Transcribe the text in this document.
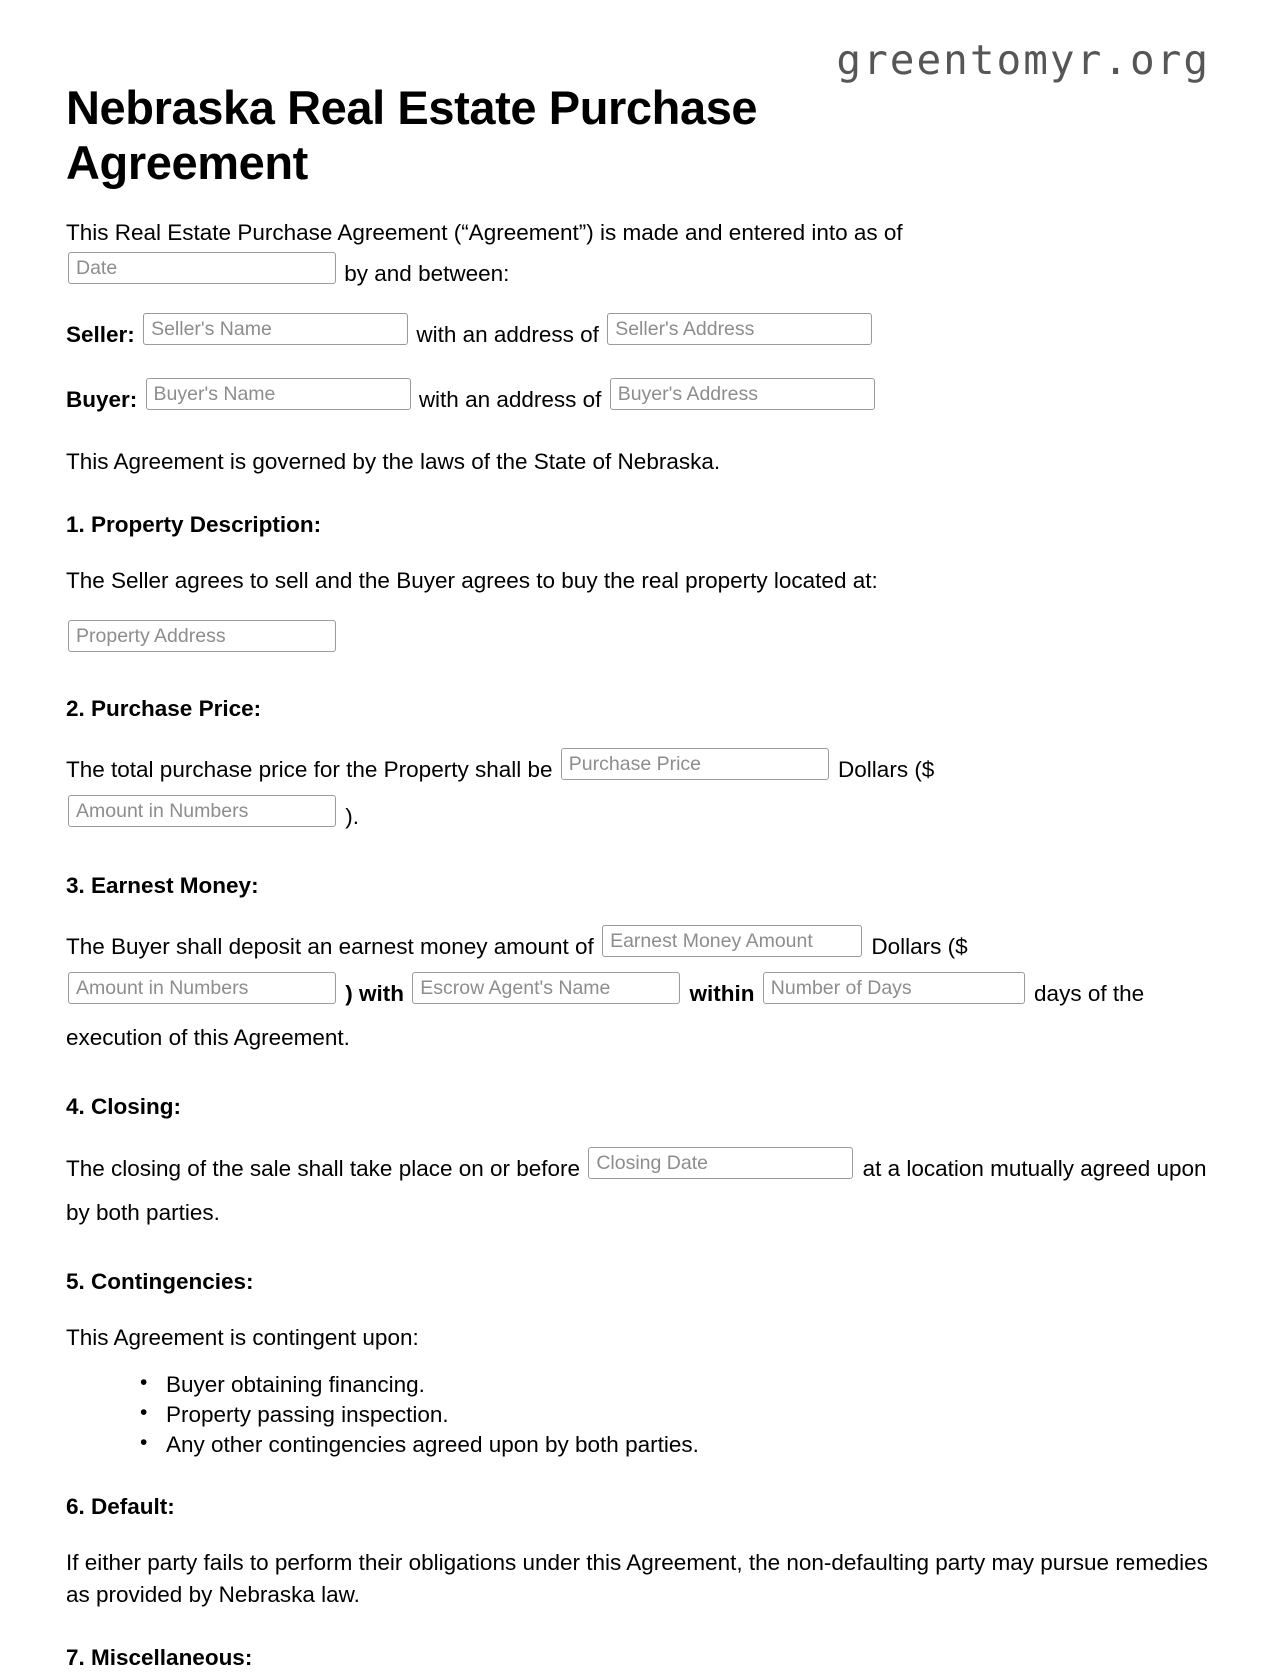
greentomyr.org
Nebraska Real Estate Purchase Agreement

This Real Estate Purchase Agreement (“Agreement”) is made and entered into as of
Date	by and between:

Seller: Seller's Name	with an address of Seller's Address
Buyer: Buyer's Name	with an address of Buyer's Address

This Agreement is governed by the laws of the State of Nebraska.

1. Property Description:

The Seller agrees to sell and the Buyer agrees to buy the real property located at:

Property Address
2. Purchase Price:
The total purchase price for the Property shall be Purchase Price	Dollars ($
Amount in Numbers	).
3. Earnest Money:
The Buyer shall deposit an earnest money amount of Earnest Money Amount	Dollars ($
Amount in Numbers	) with Escrow Agent's Name	within Number of Days	days of the execution of this Agreement.
4. Closing:
The closing of the sale shall take place on or before Closing Date	at a location mutually agreed upon by both parties.
5. Contingencies:

This Agreement is contingent upon:

• Buyer obtaining financing.
• Property passing inspection.
• Any other contingencies agreed upon by both parties.
6. Default:

If either party fails to perform their obligations under this Agreement, the non-defaulting party may pursue remedies as provided by Nebraska law.

7. Miscellaneous:
